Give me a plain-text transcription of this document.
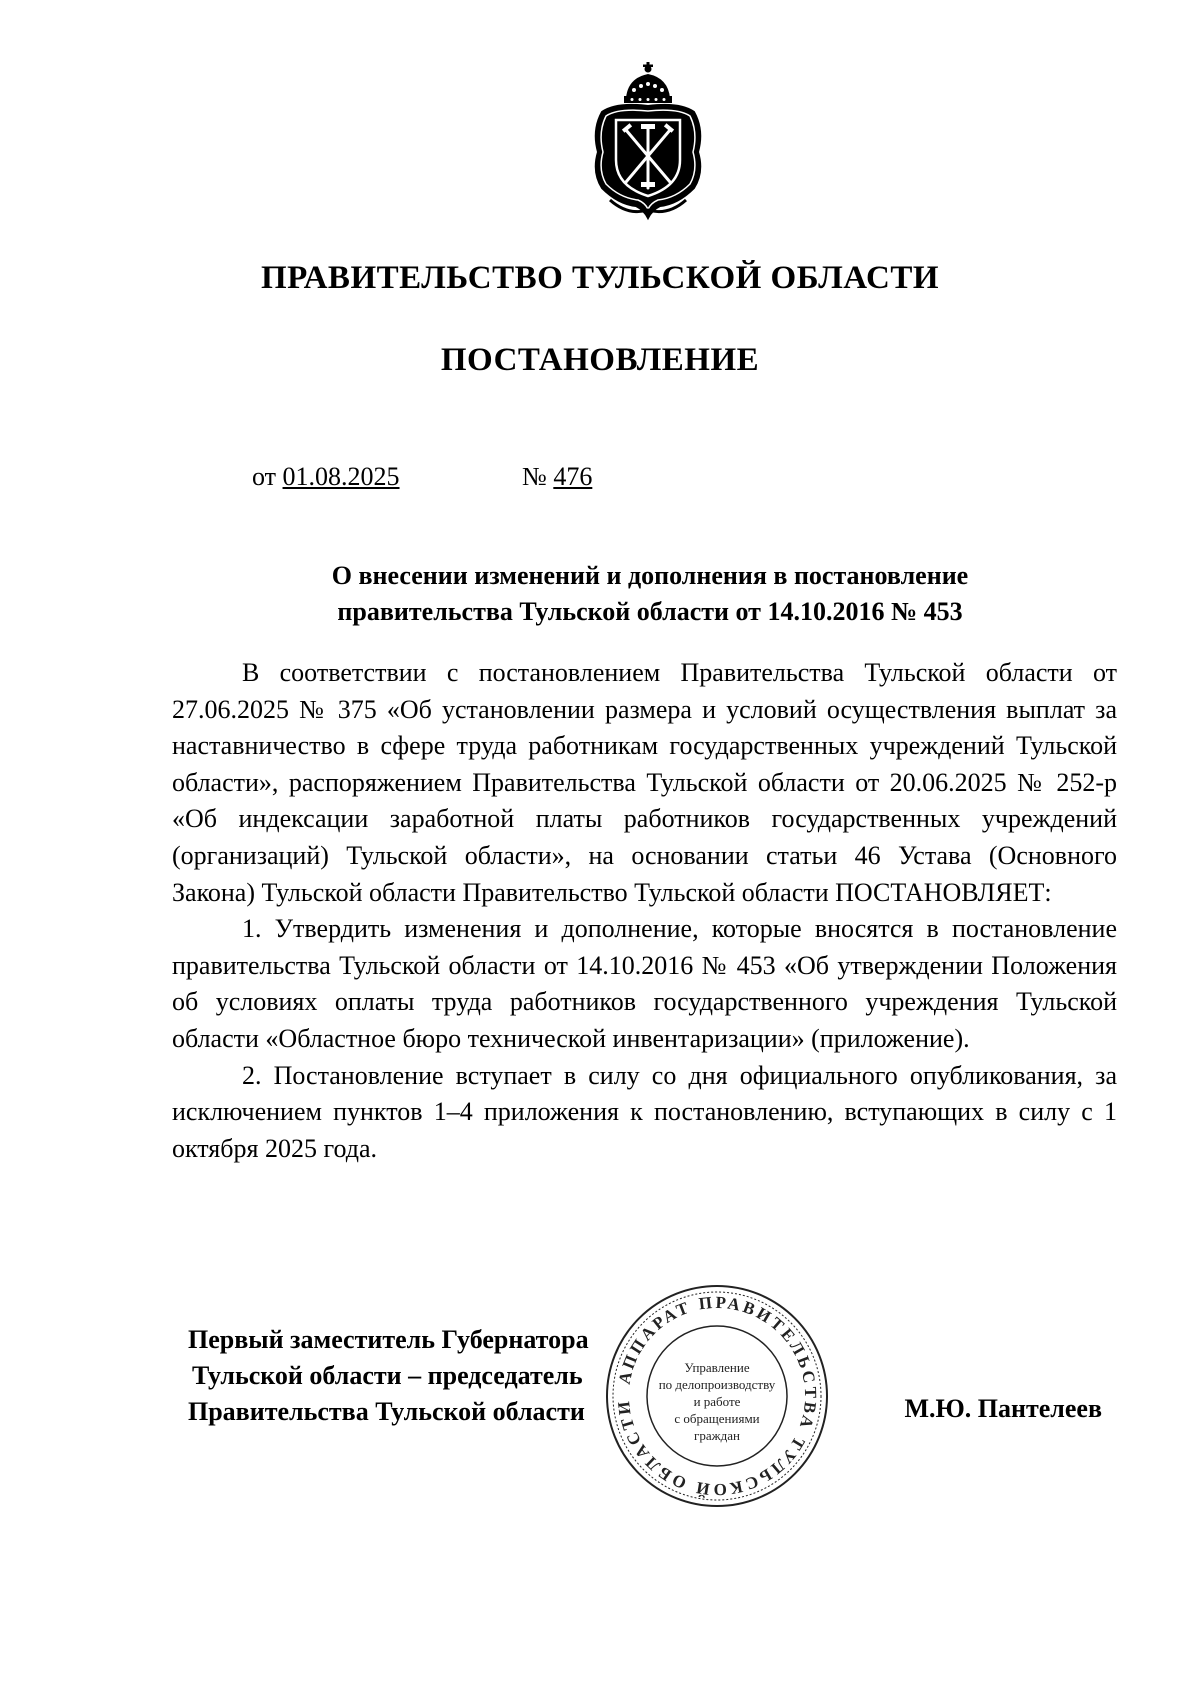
ПРАВИТЕЛЬСТВО ТУЛЬСКОЙ ОБЛАСТИ
ПОСТАНОВЛЕНИЕ
от 01.08.2025	№ 476
О внесении изменений и дополнения в постановление
правительства Тульской области от 14.10.2016 № 453

В соответствии с постановлением Правительства Тульской области от 27.06.2025 № 375 «Об установлении размера и условий осуществления выплат за наставничество в сфере труда работникам государственных учреждений Тульской области», распоряжением Правительства Тульской области от 20.06.2025 № 252-р «Об индексации заработной платы работников государственных учреждений (организаций) Тульской области», на основании статьи 46 Устава (Основного Закона) Тульской области Правительство Тульской области ПОСТАНОВЛЯЕТ:

1. Утвердить изменения и дополнение, которые вносятся в постановление правительства Тульской области от 14.10.2016 № 453 «Об утверждении Положения об условиях оплаты труда работников государственного учреждения Тульской области «Областное бюро технической инвентаризации» (приложение).

2. Постановление вступает в силу со дня официального опубликования, за исключением пунктов 1–4 приложения к постановлению, вступающих в силу с 1 октября 2025 года.

Первый заместитель Губернатора
Тульской области – председатель
Правительства Тульской области
АППАРАТ ПРАВИТЕЛЬСТВА ТУЛЬСКОЙ ОБЛАСТИ
Управление
по делопроизводству
и работе
с обращениями
граждан
М.Ю. Пантелеев
